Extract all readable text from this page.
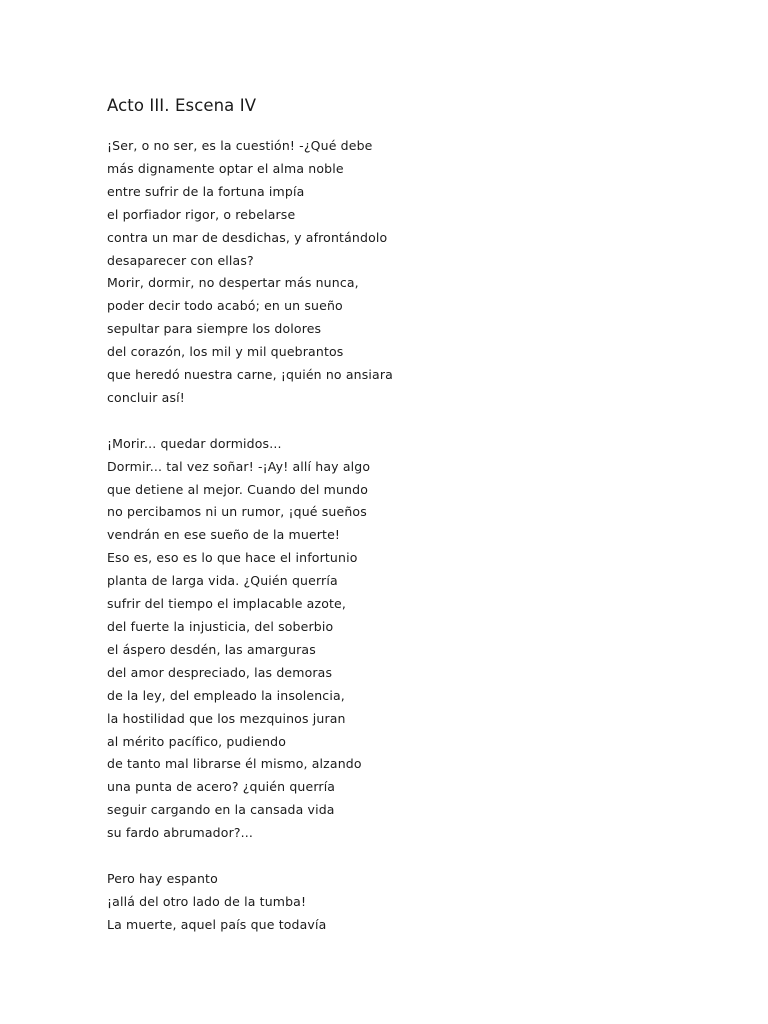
Acto III. Escena IV
¡Ser, o no ser, es la cuestión! -¿Qué debe
más dignamente optar el alma noble
entre sufrir de la fortuna impía
el porfiador rigor, o rebelarse
contra un mar de desdichas, y afrontándolo
desaparecer con ellas?
Morir, dormir, no despertar más nunca,
poder decir todo acabó; en un sueño
sepultar para siempre los dolores
del corazón, los mil y mil quebrantos
que heredó nuestra carne, ¡quién no ansiara
concluir así!
¡Morir... quedar dormidos...
Dormir... tal vez soñar! -¡Ay! allí hay algo
que detiene al mejor. Cuando del mundo
no percibamos ni un rumor, ¡qué sueños
vendrán en ese sueño de la muerte!
Eso es, eso es lo que hace el infortunio
planta de larga vida. ¿Quién querría
sufrir del tiempo el implacable azote,
del fuerte la injusticia, del soberbio
el áspero desdén, las amarguras
del amor despreciado, las demoras
de la ley, del empleado la insolencia,
la hostilidad que los mezquinos juran
al mérito pacífico, pudiendo
de tanto mal librarse él mismo, alzando
una punta de acero? ¿quién querría
seguir cargando en la cansada vida
su fardo abrumador?...
Pero hay espanto
¡allá del otro lado de la tumba!
La muerte, aquel país que todavía
